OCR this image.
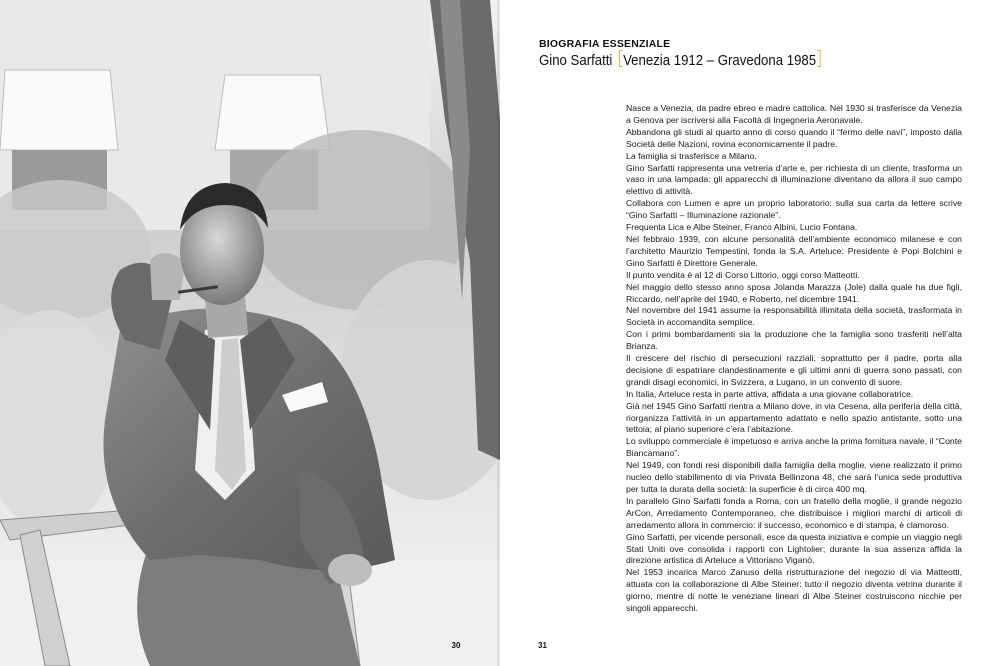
30
BIOGRAFIA ESSENZIALE
Gino Sarfatti Venezia 1912 – Gravedona 1985

Nasce a Venezia, da padre ebreo e madre cattolica. Nel 1930 si trasferisce da Venezia a Genova per iscriversi alla Facoltà di Ingegneria Aeronavale.

Abbandona gli studi al quarto anno di corso quando il “fermo delle navi”, imposto dalla Società delle Nazioni, rovina economicamente il padre.

La famiglia si trasferisce a Milano.

Gino Sarfatti rappresenta una vetreria d’arte e, per richiesta di un cliente, trasforma un vaso in una lampada: gli apparecchi di illuminazione diventano da allora il suo campo elettivo di attività.

Collabora con Lumen e apre un proprio laboratorio: sulla sua carta da lettere scrive “Gino Sarfatti – Illuminazione razionale”.

Frequenta Lica e Albe Steiner, Franco Albini, Lucio Fontana.

Nel febbraio 1939, con alcune personalità dell’ambiente economico milanese e con l’architetto Maurizio Tempestini, fonda la S.A. Arteluce: Presidente è Popi Bolchini e Gino Sarfatti è Direttore Generale.

Il punto vendita è al 12 di Corso Littorio, oggi corso Matteotti.

Nel maggio dello stesso anno sposa Jolanda Marazza (Jole) dalla quale ha due figli, Riccardo, nell’aprile del 1940, e Roberto, nel dicembre 1941.

Nel novembre del 1941 assume la responsabilità illimitata della società, trasformata in Società in accomandita semplice.

Con i primi bombardamenti sia la produzione che la famiglia sono trasferiti nell’alta Brianza.

Il crescere del rischio di persecuzioni razziali, soprattutto per il padre, porta alla decisione di espatriare clandestinamente e gli ultimi anni di guerra sono passati, con grandi disagi economici, in Svizzera, a Lugano, in un convento di suore.

In Italia, Arteluce resta in parte attiva, affidata a una giovane collaboratrice.

Già nel 1945 Gino Sarfatti rientra a Milano dove, in via Cesena, alla periferia della città, riorganizza l’attività in un appartamento adattato e nello spazio antistante, sotto una tettoia; al piano superiore c’era l’abitazione.

Lo sviluppo commerciale è impetuoso e arriva anche la prima fornitura navale, il “Conte Biancamano”.

Nel 1949, con fondi resi disponibili dalla famiglia della moglie, viene realizzato il primo nucleo dello stabilimento di via Privata Bellinzona 48, che sarà l’unica sede produttiva per tutta la durata della società: la superficie è di circa 400 mq.

In parallelo Gino Sarfatti fonda a Roma, con un fratello della moglie, il grande negozio ArCon, Arredamento Contemporaneo, che distribuisce i migliori marchi di articoli di arredamento allora in commercio: il successo, economico e di stampa, è clamoroso.

Gino Sarfatti, per vicende personali, esce da questa iniziativa e compie un viaggio negli Stati Uniti ove consolida i rapporti con Lightolier; durante la sua assenza affida la direzione artistica di Arteluce a Vittoriano Viganò.

Nel 1953 incarica Marco Zanuso della ristrutturazione del negozio di via Matteotti, attuata con la collaborazione di Albe Steiner: tutto il negozio diventa vetrina durante il giorno, mentre di notte le veneziane lineari di Albe Steiner costruiscono nicchie per singoli apparecchi.

31
